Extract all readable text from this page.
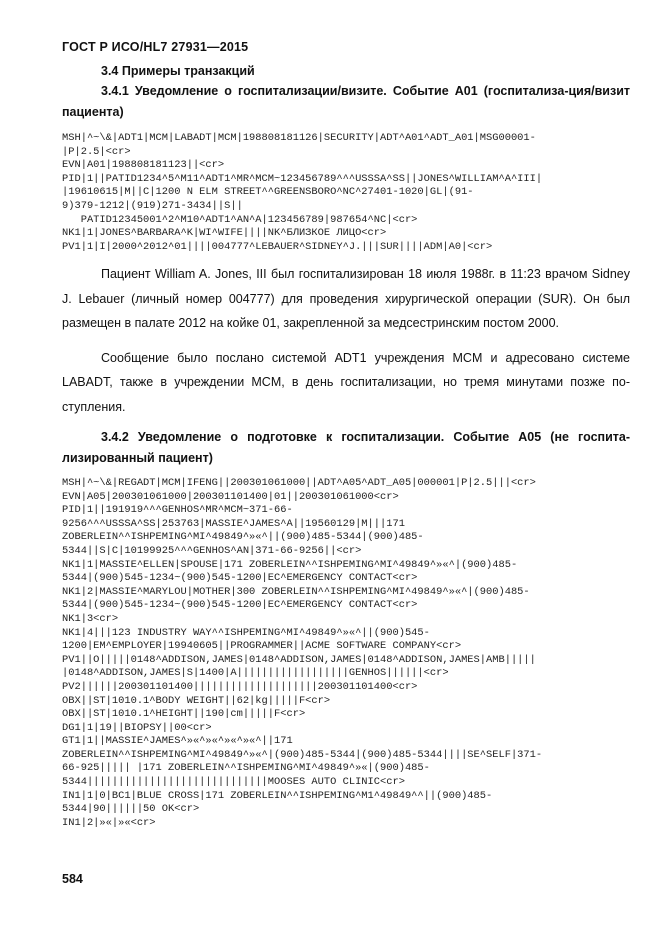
ГОСТ Р ИСО/HL7 27931—2015
3.4 Примеры транзакций
3.4.1 Уведомление о госпитализации/визите. Событие A01 (госпитализа-ция/визит пациента)
MSH|^~\&|ADT1|MCM|LABADT|MCM|198808181126|SECURITY|ADT^A01^ADT_A01|MSG00001-
|P|2.5|<cr>
EVN|A01|198808181123||<cr>
PID|1||PATID1234^5^M11^ADT1^MR^MCM~123456789^^^USSSA^SS||JONES^WILLIAM^A^III|
|19610615|M||C|1200 N ELM STREET^^GREENSBORO^NC^27401-1020|GL|(91-
9)379-1212|(919)271-3434||S||
PATID12345001^2^M10^ADT1^AN^A|123456789|987654^NC|<cr>
NK1|1|JONES^BARBARA^K|WI^WIFE||||NK^БЛИЗКОЕ ЛИЦО<cr>
PV1|1|I|2000^2012^01||||004777^LEBAUER^SIDNEY^J.|||SUR||||ADM|A0|<cr>

Пациент William A. Jones, III был госпитализирован 18 июля 1988г. в 11:23 врачом Sidney J. Lebauer (личный номер 004777) для проведения хирургической операции (SUR). Он был размещен в палате 2012 на койке 01, закрепленной за медсестринским постом 2000.

Сообщение было послано системой ADT1 учреждения MCM и адресовано системе LABADT, также в учреждении MCM, в день госпитализации, но тремя минутами позже по-ступления.

3.4.2 Уведомление о подготовке к госпитализации. Событие A05 (не госпита-лизированный пациент)
MSH|^~\&|REGADT|MCM|IFENG||200301061000||ADT^A05^ADT_A05|000001|P|2.5|||<cr>
EVN|A05|200301061000|200301101400|01||200301061000<cr>
PID|1||191919^^^GENHOS^MR^MCM~371-66-
9256^^^USSSA^SS|253763|MASSIE^JAMES^A||19560129|M|||171
ZOBERLEIN^^ISHPEMING^MI^49849^»«^||(900)485-5344|(900)485-
5344||S|C|10199925^^^GENHOS^AN|371-66-9256||<cr>
NK1|1|MASSIE^ELLEN|SPOUSE|171 ZOBERLEIN^^ISHPEMING^MI^49849^»«^|(900)485-
5344|(900)545-1234~(900)545-1200|EC^EMERGENCY CONTACT<cr>
NK1|2|MASSIE^MARYLOU|MOTHER|300 ZOBERLEIN^^ISHPEMING^MI^49849^»«^|(900)485-
5344|(900)545-1234~(900)545-1200|EC^EMERGENCY CONTACT<cr>
NK1|3<cr>
NK1|4|||123 INDUSTRY WAY^^ISHPEMING^MI^49849^»«^||(900)545-
1200|EM^EMPLOYER|19940605||PROGRAMMER||ACME SOFTWARE COMPANY<cr>
PV1||O|||||0148^ADDISON,JAMES|0148^ADDISON,JAMES|0148^ADDISON,JAMES|AMB|||||
|0148^ADDISON,JAMES|S|1400|A||||||||||||||||||GENHOS||||||<cr>
PV2||||||200301101400||||||||||||||||||||200301101400<cr>
OBX||ST|1010.1^BODY WEIGHT||62|kg|||||F<cr>
OBX||ST|1010.1^HEIGHT||190|cm|||||F<cr>
DG1|1|19||BIOPSY||00<cr>
GT1|1||MASSIE^JAMES^»«^»«^»«^»«^||171
ZOBERLEIN^^ISHPEMING^MI^49849^»«^|(900)485-5344|(900)485-5344||||SE^SELF|371-
66-925||||| |171 ZOBERLEIN^^ISHPEMING^MI^49849^»«|(900)485-
5344|||||||||||||||||||||||||||||MOOSES AUTO CLINIC<cr>
IN1|1|0|BC1|BLUE CROSS|171 ZOBERLEIN^^ISHPEMING^M1^49849^^||(900)485-
5344|90||||||50 OK<cr>
IN1|2|»«|»«<cr>
584
